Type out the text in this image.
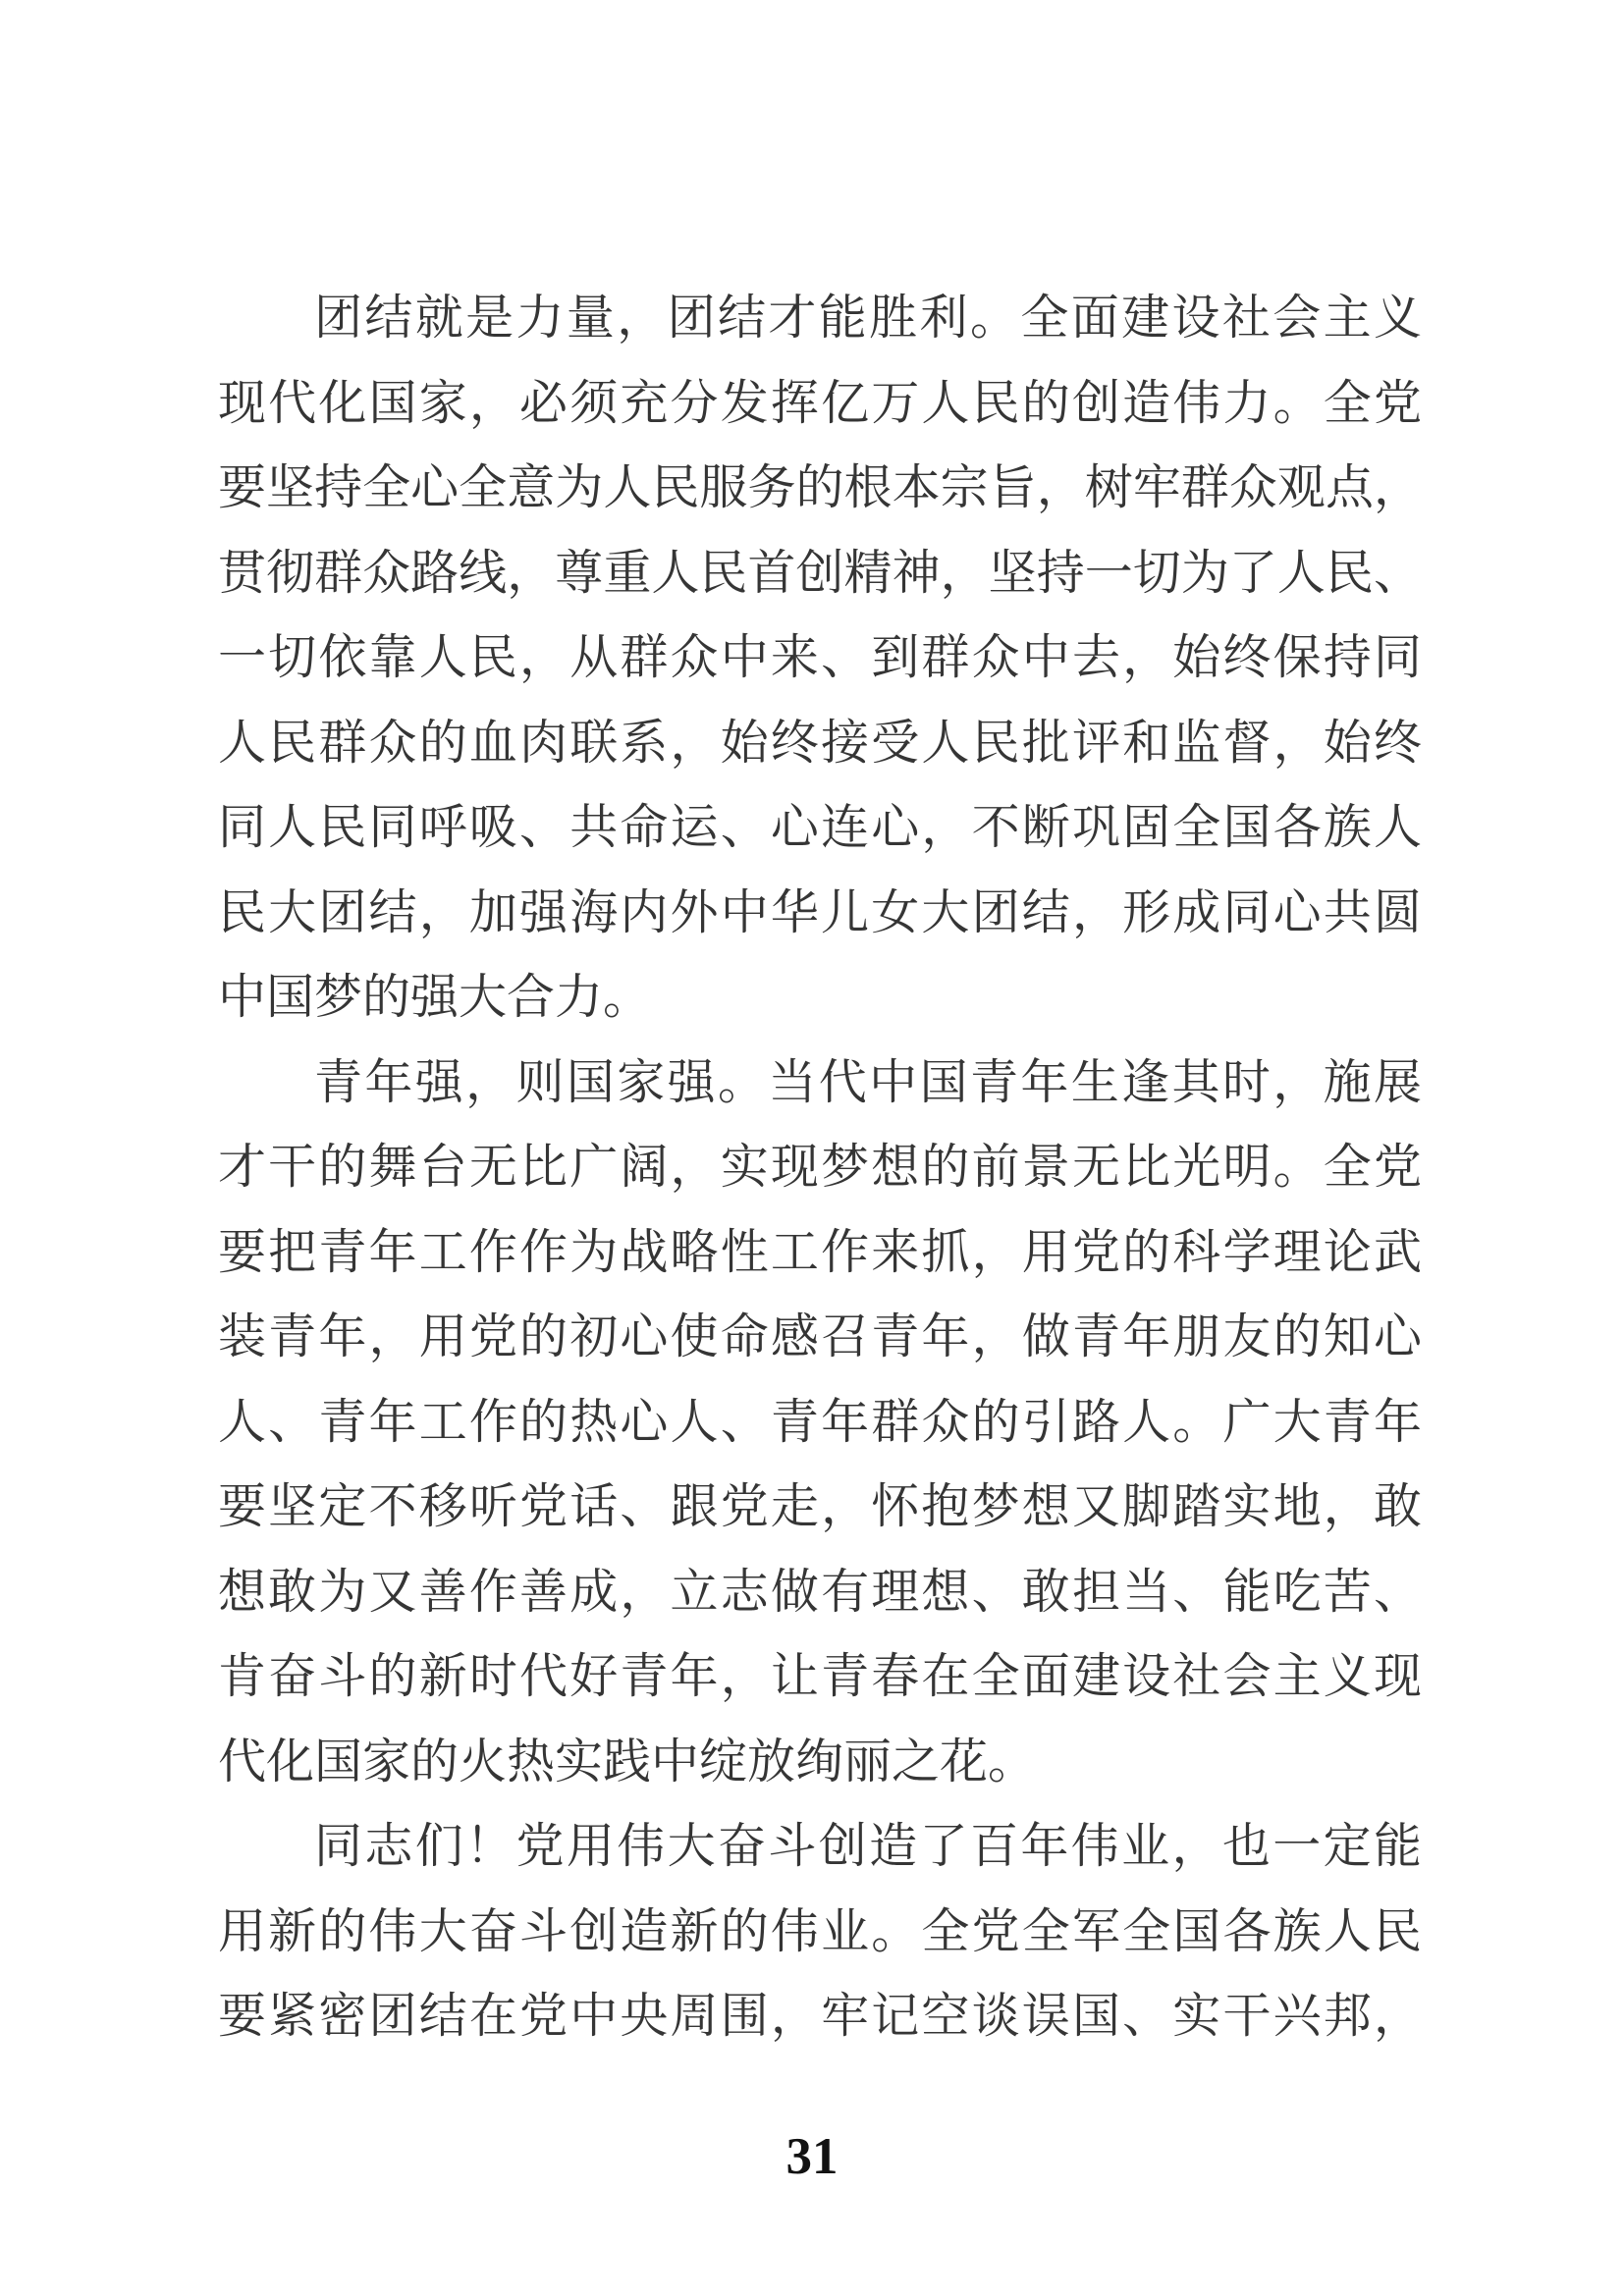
团结就是力量，团结才能胜利。全面建设社会主义
现代化国家，必须充分发挥亿万人民的创造伟力。全党
要坚持全心全意为人民服务的根本宗旨，树牢群众观点，
贯彻群众路线，尊重人民首创精神，坚持一切为了人民、
一切依靠人民，从群众中来、到群众中去，始终保持同
人民群众的血肉联系，始终接受人民批评和监督，始终
同人民同呼吸、共命运、心连心，不断巩固全国各族人
民大团结，加强海内外中华儿女大团结，形成同心共圆
中国梦的强大合力。
青年强，则国家强。当代中国青年生逢其时，施展
才干的舞台无比广阔，实现梦想的前景无比光明。全党
要把青年工作作为战略性工作来抓，用党的科学理论武
装青年，用党的初心使命感召青年，做青年朋友的知心
人、青年工作的热心人、青年群众的引路人。广大青年
要坚定不移听党话、跟党走，怀抱梦想又脚踏实地，敢
想敢为又善作善成，立志做有理想、敢担当、能吃苦、
肯奋斗的新时代好青年，让青春在全面建设社会主义现
代化国家的火热实践中绽放绚丽之花。
同志们！党用伟大奋斗创造了百年伟业，也一定能
用新的伟大奋斗创造新的伟业。全党全军全国各族人民
要紧密团结在党中央周围，牢记空谈误国、实干兴邦，
31
